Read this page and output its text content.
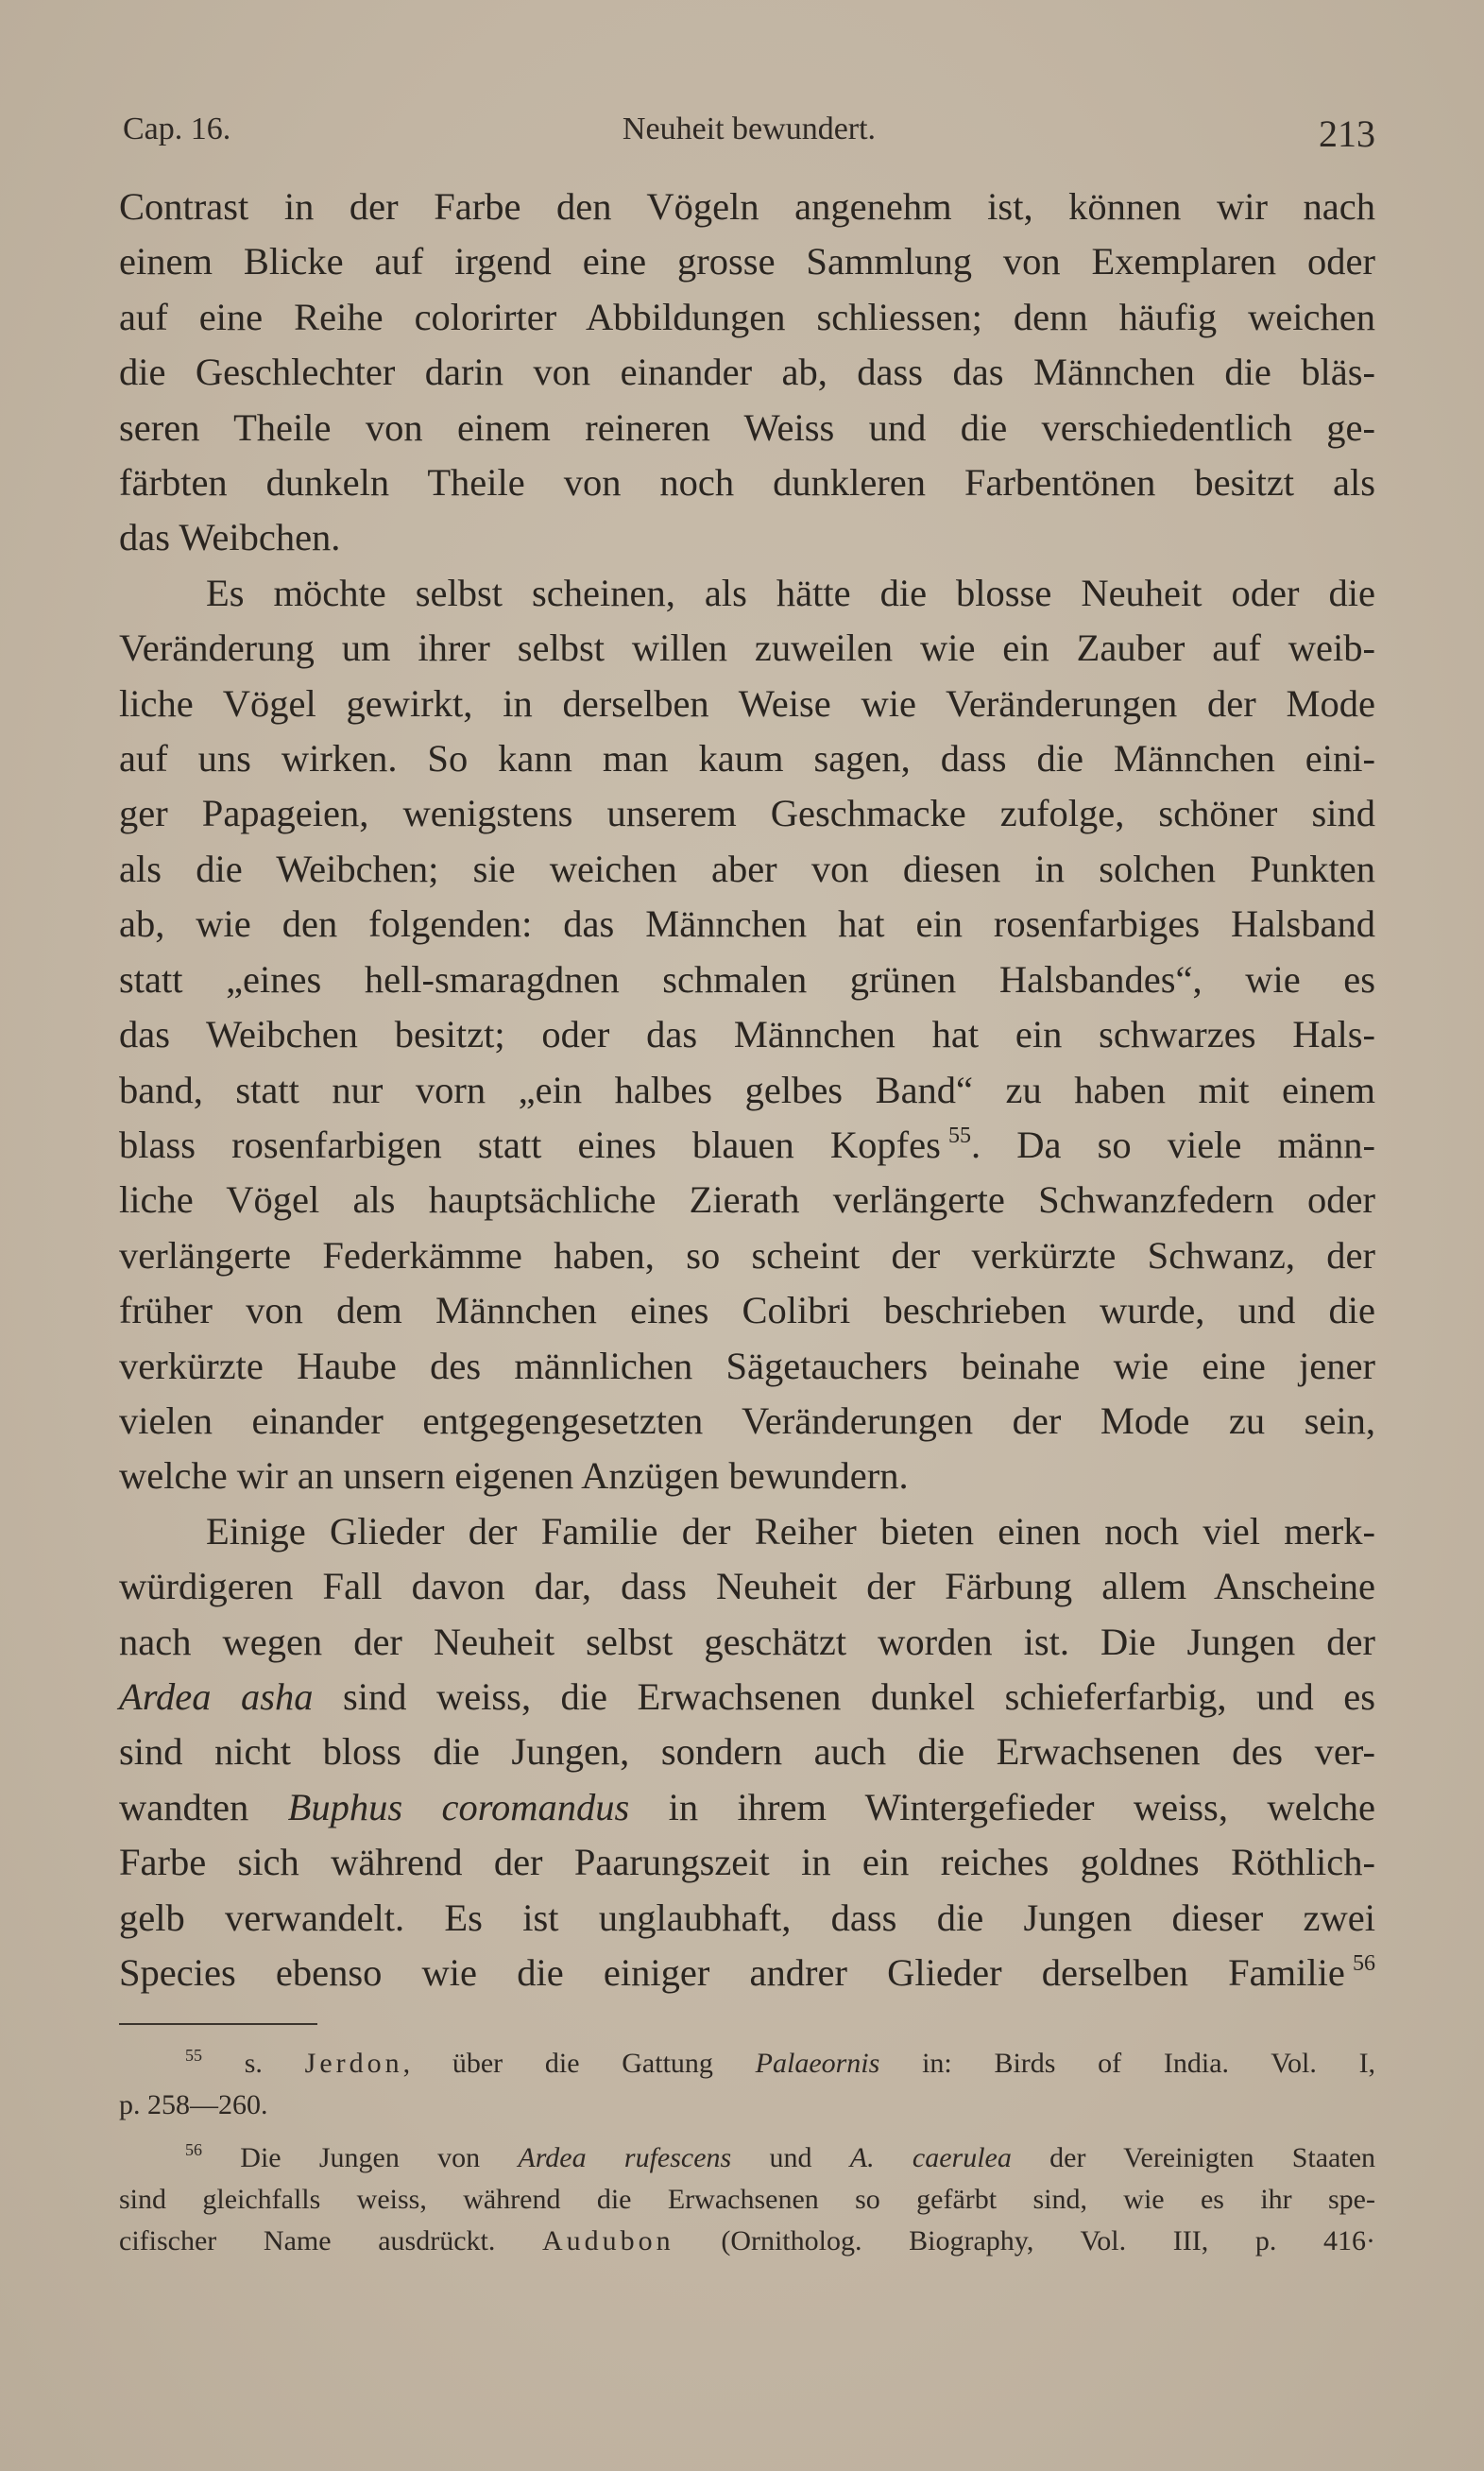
Cap. 16.	Neuheit bewundert.	213
Contrast in der Farbe den Vögeln angenehm ist, können wir nach
einem Blicke auf irgend eine grosse Sammlung von Exemplaren oder
auf eine Reihe colorirter Abbildungen schliessen; denn häufig weichen
die Geschlechter darin von einander ab, dass das Männchen die bläs-
seren Theile von einem reineren Weiss und die verschiedentlich ge-
färbten dunkeln Theile von noch dunkleren Farbentönen besitzt als
das Weibchen.
Es möchte selbst scheinen, als hätte die blosse Neuheit oder die
Veränderung um ihrer selbst willen zuweilen wie ein Zauber auf weib-
liche Vögel gewirkt, in derselben Weise wie Veränderungen der Mode
auf uns wirken. So kann man kaum sagen, dass die Männchen eini-
ger Papageien, wenigstens unserem Geschmacke zufolge, schöner sind
als die Weibchen; sie weichen aber von diesen in solchen Punkten
ab, wie den folgenden: das Männchen hat ein rosenfarbiges Halsband
statt „eines hell-smaragdnen schmalen grünen Halsbandes“, wie es
das Weibchen besitzt; oder das Männchen hat ein schwarzes Hals-
band, statt nur vorn „ein halbes gelbes Band“ zu haben mit einem
blass rosenfarbigen statt eines blauen Kopfes  $^{55}$. Da so viele männ-
liche Vögel als hauptsächliche Zierath verlängerte Schwanzfedern oder
verlängerte Federkämme haben, so scheint der verkürzte Schwanz, der
früher von dem Männchen eines Colibri beschrieben wurde, und die
verkürzte Haube des männlichen Sägetauchers beinahe wie eine jener
vielen einander entgegengesetzten Veränderungen der Mode zu sein,
welche wir an unsern eigenen Anzügen bewundern.
Einige Glieder der Familie der Reiher bieten einen noch viel merk-
würdigeren Fall davon dar, dass Neuheit der Färbung allem Anscheine
nach wegen der Neuheit selbst geschätzt worden ist. Die Jungen der
Ardea asha sind weiss, die Erwachsenen dunkel schieferfarbig, und es
sind nicht bloss die Jungen, sondern auch die Erwachsenen des ver-
wandten Buphus coromandus in ihrem Wintergefieder weiss, welche
Farbe sich während der Paarungszeit in ein reiches goldnes Röthlich-
gelb verwandelt. Es ist unglaubhaft, dass die Jungen dieser zwei
Species ebenso wie die einiger andrer Glieder derselben Familie  $^{56}$
$^{55}$ s. Jerdon, über die Gattung Palaeornis in: Birds of India. Vol. I,
p. 258—260.
$^{56}$ Die Jungen von Ardea rufescens und A. caerulea der Vereinigten Staaten
sind gleichfalls weiss, während die Erwachsenen so gefärbt sind, wie es ihr spe-
cifischer Name ausdrückt. Audubon (Ornitholog. Biography, Vol. III, p. 416·
